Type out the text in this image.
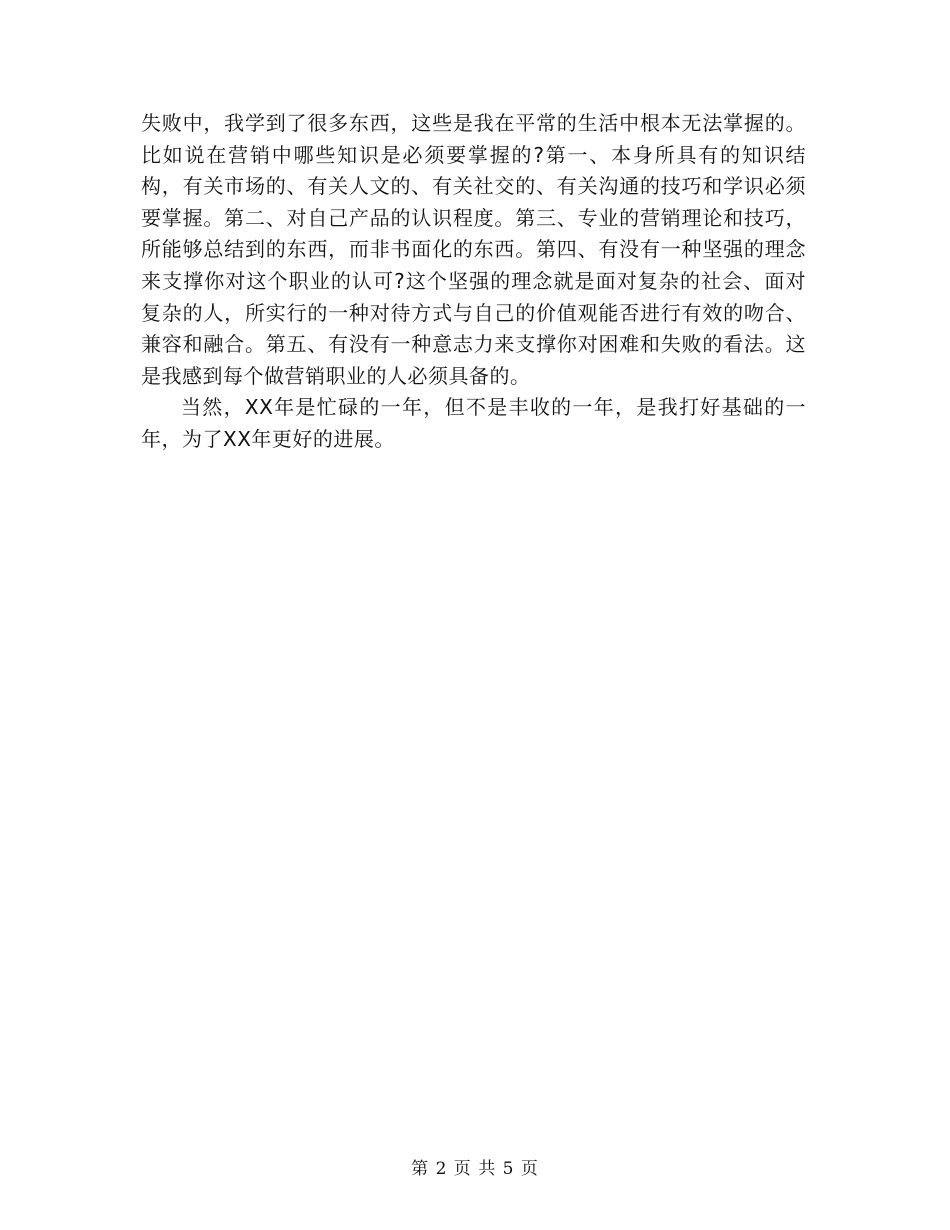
失败中，我学到了很多东西，这些是我在平常的生活中根本无法掌握的。比如说在营销中哪些知识是必须要掌握的?第一、本身所具有的知识结构，有关市场的、有关人文的、有关社交的、有关沟通的技巧和学识必须要掌握。第二、对自己产品的认识程度。第三、专业的营销理论和技巧，所能够总结到的东西，而非书面化的东西。第四、有没有一种坚强的理念来支撑你对这个职业的认可?这个坚强的理念就是面对复杂的社会、面对复杂的人，所实行的一种对待方式与自己的价值观能否进行有效的吻合、兼容和融合。第五、有没有一种意志力来支撑你对困难和失败的看法。这是我感到每个做营销职业的人必须具备的。

当然，XX年是忙碌的一年，但不是丰收的一年，是我打好基础的一年，为了XX年更好的进展。

第 2 页 共 5 页
